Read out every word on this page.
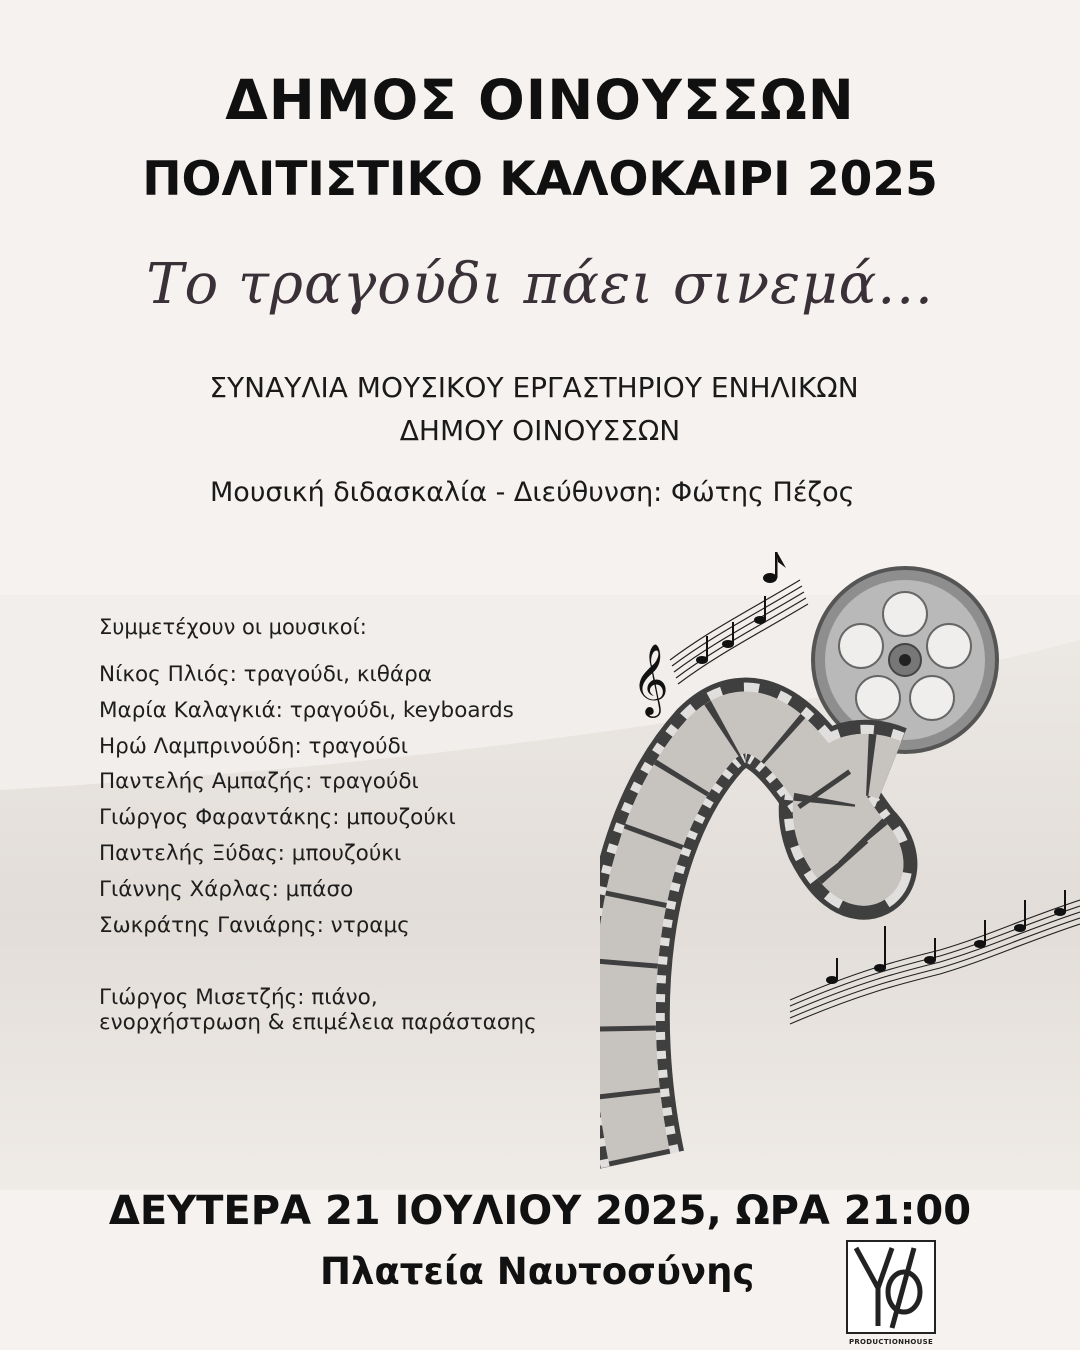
ΔΗΜΟΣ ΟΙΝΟΥΣΣΩΝ
ΠΟΛΙΤΙΣΤΙΚΟ ΚΑΛΟΚΑΙΡΙ 2025
Το τραγούδι πάει σινεμά...
ΣΥΝΑΥΛΙΑ ΜΟΥΣΙΚΟΥ ΕΡΓΑΣΤΗΡΙΟΥ ΕΝΗΛΙΚΩΝ
ΔΗΜΟΥ ΟΙΝΟΥΣΣΩΝ
Μουσική διδασκαλία - Διεύθυνση: Φώτης Πέζος
Συμμετέχουν οι μουσικοί:
Νίκος Πλιός: τραγούδι, κιθάρα
Μαρία Καλαγκιά: τραγούδι, keyboards
Ηρώ Λαμπρινούδη: τραγούδι
Παντελής Αμπαζής: τραγούδι
Γιώργος Φαραντάκης: μπουζούκι
Παντελής Ξύδας: μπουζούκι
Γιάννης Χάρλας: μπάσο
Σωκράτης Γανιάρης: ντραμς
Γιώργος Μισετζής: πιάνο,
ενορχήστρωση & επιμέλεια παράστασης
𝄞
ΔΕΥΤΕΡΑ 21 ΙΟΥΛΙΟΥ 2025, ΩΡΑ 21:00
Πλατεία Ναυτοσύνης
PRODUCTIONHOUSE
